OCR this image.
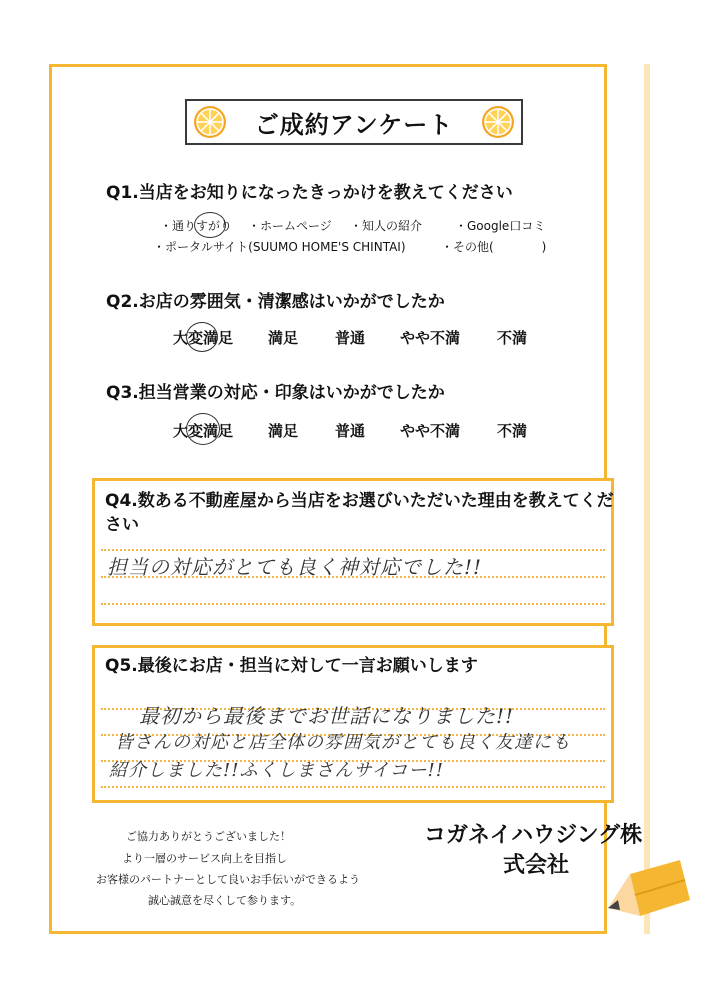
ご成約アンケート
Q1.当店をお知りになったきっかけを教えてください
・通りすがり ・ホームページ ・知人の紹介	・Google口コミ
・ポータルサイト(SUUMO HOME'S CHINTAI)	・その他(　　　　)
Q2.お店の雰囲気・清潔感はいかがでしたか
大変満足 満足 普通 やや不満 不満
Q3.担当営業の対応・印象はいかがでしたか
大変満足 満足 普通 やや不満 不満
Q4.数ある不動産屋から当店をお選びいただいた理由を教えてください
担当の対応がとても良く神対応でした!!
Q5.最後にお店・担当に対して一言お願いします
最初から最後までお世話になりました!!
皆さんの対応と店全体の雰囲気がとても良く友達にも
紹介しました!!ふくしまさんサイコー!!
ご協力ありがとうございました！
より一層のサービス向上を目指し
お客様のパートナーとして良いお手伝いができるよう
誠心誠意を尽くして参ります。
コガネイハウジング株
式会社
